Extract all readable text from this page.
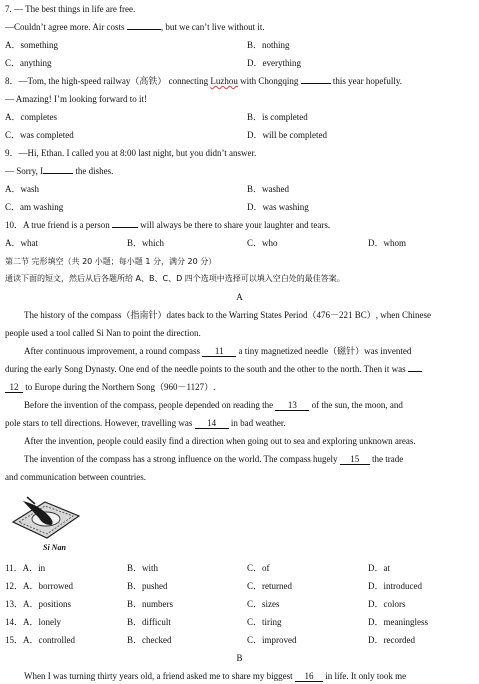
7. — The best things in life are free.
—Couldn’t agree more. Air costs	, but we can’t live without it.
A．something	B．nothing
C．anything	D．everything
8．—Tom, the high-speed railway（高铁） connecting Luzhou with Chongqing	this year hopefully.
— Amazing! I’m looking forward to it!
A．completes	B．is completed
C．was completed	D．will be completed
9．—Hi, Ethan. I called you at 8:00 last night, but you didn’t answer.
— Sorry, I	the dishes.
A．wash	B．washed
C．am washing	D．was washing
10．A true friend is a person	will always be there to share your laughter and tears.
A．what	B．which	C．who	D．whom
第二节 完形填空（共 20 小题；每小题 1 分，满分 20 分）
通读下面的短文，然后从后各题所给 A、B、C、D 四个选项中选择可以填入空白处的最佳答案。
A
The history of the compass（指南针）dates back to the Warring States Period（476－221 BC）, when Chinese
people used a tool called Si Nan to point the direction.
After continuous improvement, a round compass 11 a tiny magnetized needle（磁针）was invented
during the early Song Dynasty. One end of the needle points to the south and the other to the north. Then it was
12 to Europe during the Northern Song（960－1127）.
Before the invention of the compass, people depended on reading the 13 of the sun, the moon, and
pole stars to tell directions. However, travelling was 14 in bad weather.
After the invention, people could easily find a direction when going out to sea and exploring unknown areas.
The invention of the compass has a strong influence on the world. The compass hugely 15 the trade
and communication between countries.
Si Nan
11．A．in	B．with	C．of	D．at
12．A．borrowed	B．pushed	C．returned	D．introduced
13．A．positions	B．numbers	C．sizes	D．colors
14．A．lonely	B．difficult	C．tiring	D．meaningless
15．A．controlled	B．checked	C．improved	D．recorded
B
When I was turning thirty years old, a friend asked me to share my biggest 16 in life. It only took me
